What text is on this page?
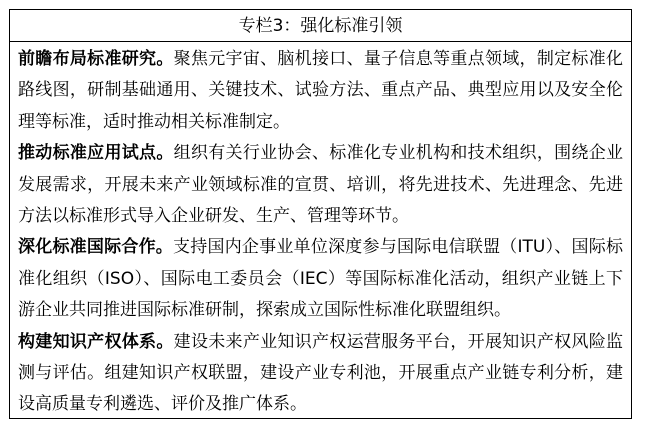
专栏3：强化标准引领

前瞻布局标准研究。聚焦元宇宙、脑机接口、量子信息等重点领域，制定标准化路线图，研制基础通用、关键技术、试验方法、重点产品、典型应用以及安全伦理等标准，适时推动相关标准制定。

推动标准应用试点。组织有关行业协会、标准化专业机构和技术组织，围绕企业发展需求，开展未来产业领域标准的宣贯、培训，将先进技术、先进理念、先进方法以标准形式导入企业研发、生产、管理等环节。

深化标准国际合作。支持国内企事业单位深度参与国际电信联盟（ITU）、国际标准化组织（ISO）、国际电工委员会（IEC）等国际标准化活动，组织产业链上下游企业共同推进国际标准研制，探索成立国际性标准化联盟组织。

构建知识产权体系。建设未来产业知识产权运营服务平台，开展知识产权风险监测与评估。组建知识产权联盟，建设产业专利池，开展重点产业链专利分析，建设高质量专利遴选、评价及推广体系。
